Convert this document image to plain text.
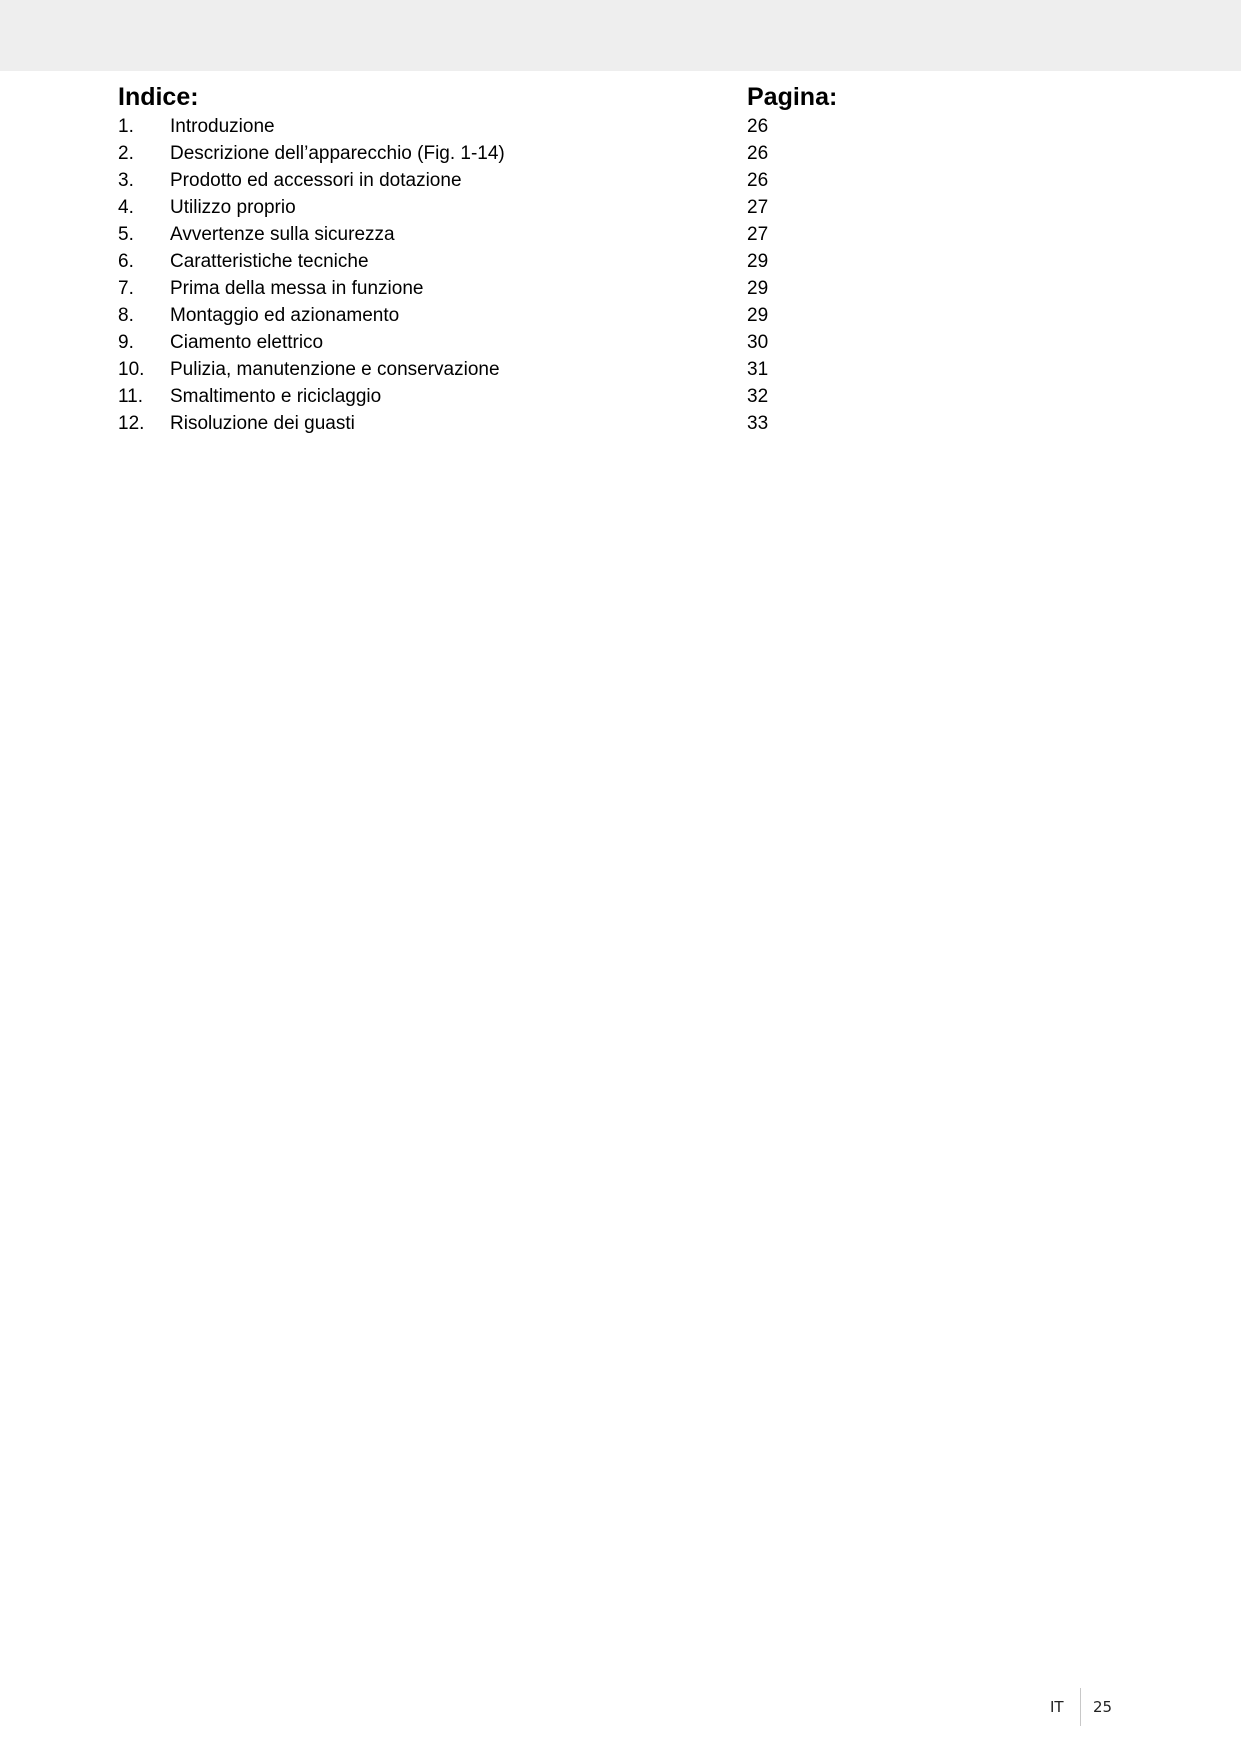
Indice:	Pagina:
1. Introduzione	26
2. Descrizione dell’apparecchio (Fig. 1-14)	26
3. Prodotto ed accessori in dotazione	26
4. Utilizzo proprio	27
5. Avvertenze sulla sicurezza	27
6. Caratteristiche tecniche	29
7. Prima della messa in funzione	29
8. Montaggio ed azionamento	29
9. Ciamento elettrico	30
10. Pulizia, manutenzione e conservazione	31
11. Smaltimento e riciclaggio	32
12. Risoluzione dei guasti	33
IT 25
